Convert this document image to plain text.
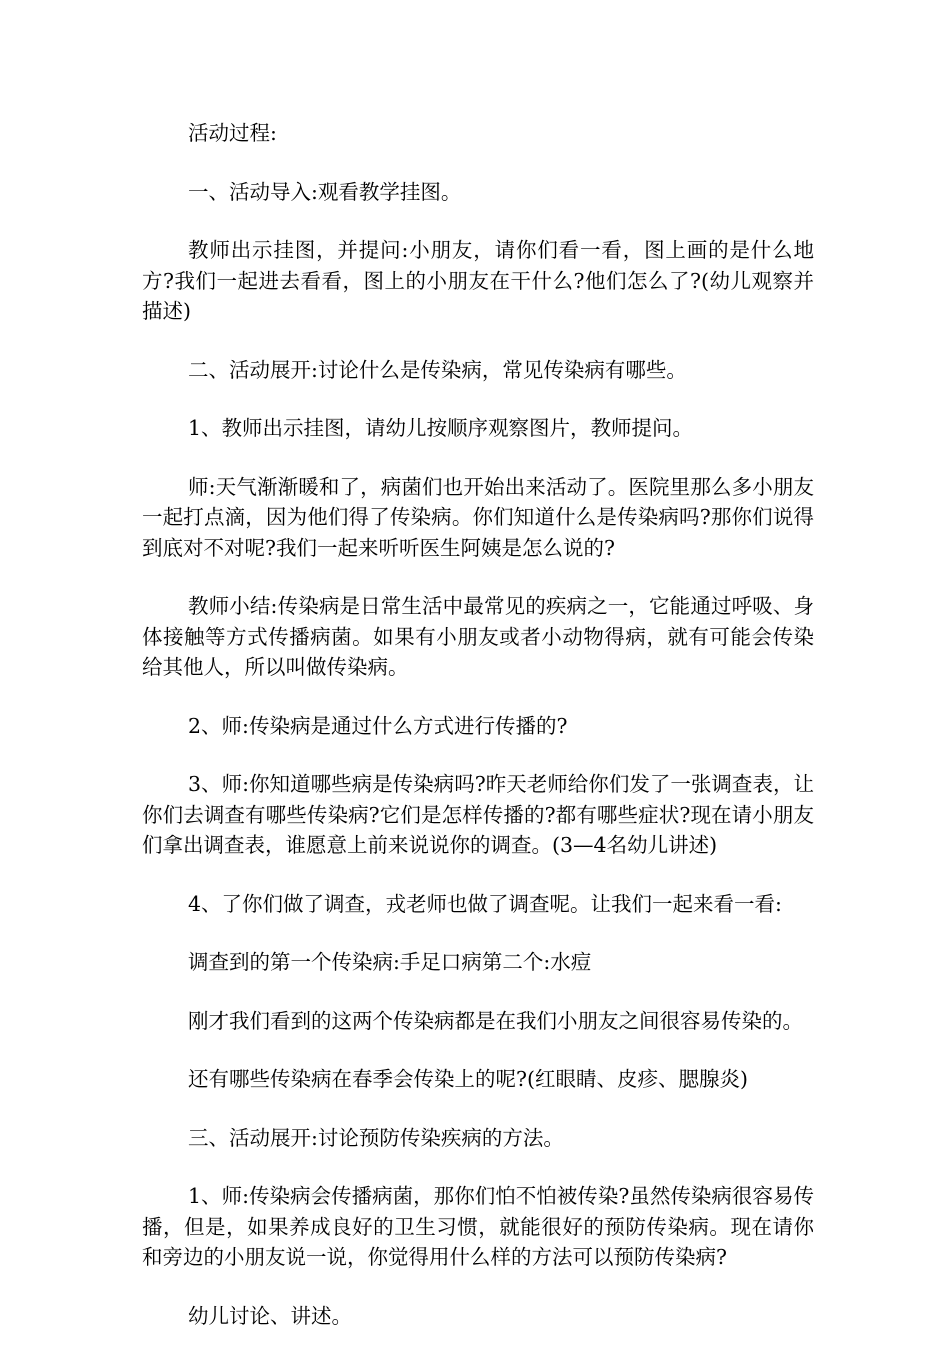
活动过程:

一、活动导入:观看教学挂图。

教师出示挂图，并提问:小朋友，请你们看一看，图上画的是什么地方?我们一起进去看看，图上的小朋友在干什么?他们怎么了?(幼儿观察并描述)

二、活动展开:讨论什么是传染病，常见传染病有哪些。

1、教师出示挂图，请幼儿按顺序观察图片，教师提问。

师:天气渐渐暖和了，病菌们也开始出来活动了。医院里那么多小朋友一起打点滴，因为他们得了传染病。你们知道什么是传染病吗?那你们说得到底对不对呢?我们一起来听听医生阿姨是怎么说的?

教师小结:传染病是日常生活中最常见的疾病之一，它能通过呼吸、身体接触等方式传播病菌。如果有小朋友或者小动物得病，就有可能会传染给其他人，所以叫做传染病。

2、师:传染病是通过什么方式进行传播的?

3、师:你知道哪些病是传染病吗?昨天老师给你们发了一张调查表，让你们去调查有哪些传染病?它们是怎样传播的?都有哪些症状?现在请小朋友们拿出调查表，谁愿意上前来说说你的调查。(3—4名幼儿讲述)

4、了你们做了调查，戎老师也做了调查呢。让我们一起来看一看:

调查到的第一个传染病:手足口病第二个:水痘

刚才我们看到的这两个传染病都是在我们小朋友之间很容易传染的。

还有哪些传染病在春季会传染上的呢?(红眼睛、皮疹、腮腺炎)

三、活动展开:讨论预防传染疾病的方法。

1、师:传染病会传播病菌，那你们怕不怕被传染?虽然传染病很容易传播，但是，如果养成良好的卫生习惯，就能很好的预防传染病。现在请你和旁边的小朋友说一说，你觉得用什么样的方法可以预防传染病?

幼儿讨论、讲述。
